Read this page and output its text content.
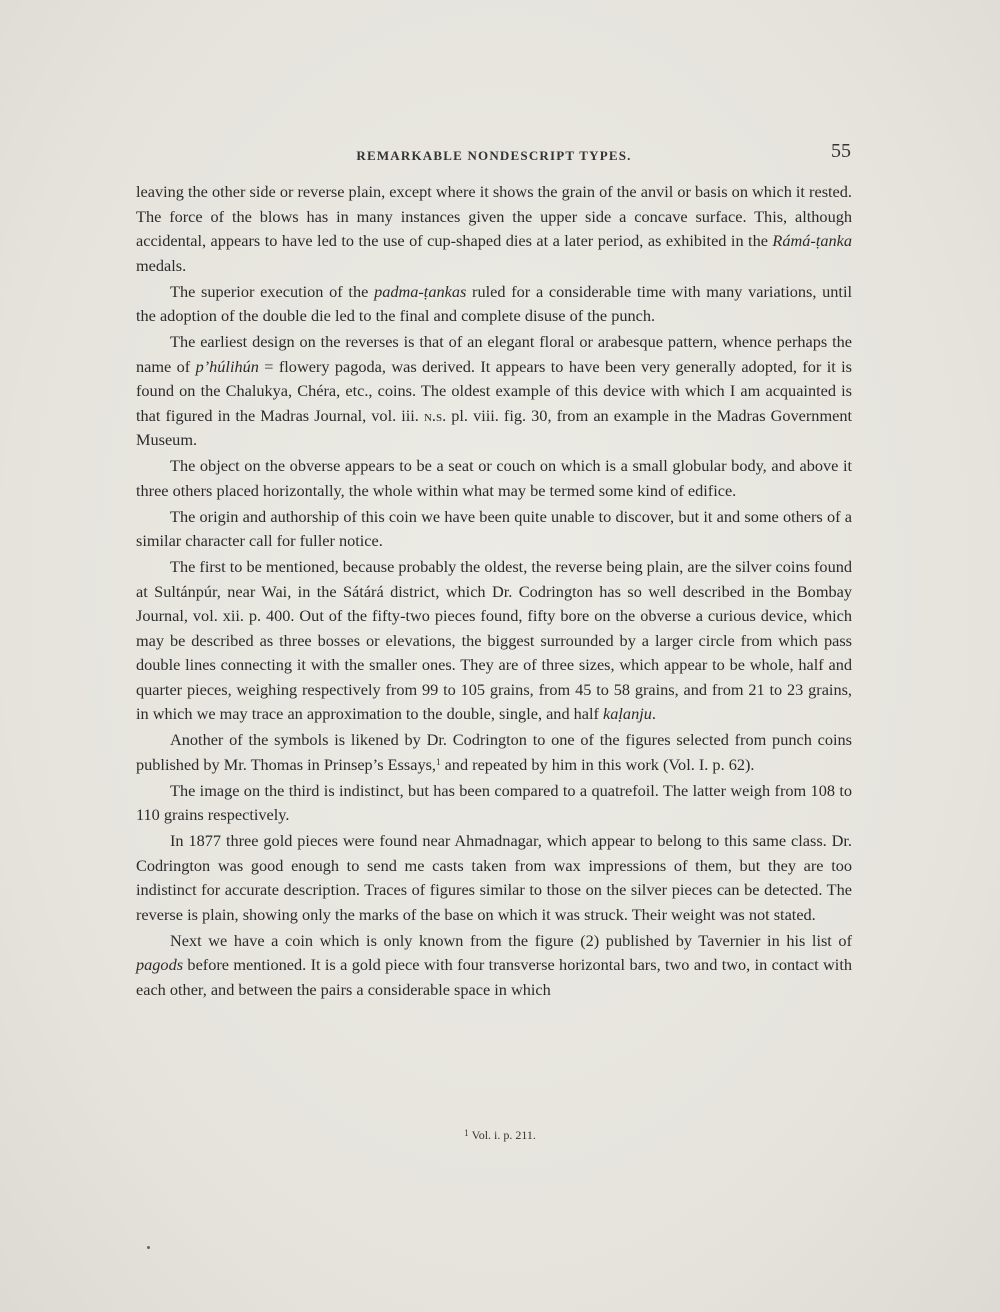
REMARKABLE NONDESCRIPT TYPES.	55

leaving the other side or reverse plain, except where it shows the grain of the anvil or basis on which it rested. The force of the blows has in many instances given the upper side a concave surface. This, although accidental, appears to have led to the use of cup-shaped dies at a later period, as exhibited in the Rámá-ṭanka medals.

The superior execution of the padma-ṭankas ruled for a considerable time with many variations, until the adoption of the double die led to the final and complete disuse of the punch.

The earliest design on the reverses is that of an elegant floral or arabesque pattern, whence perhaps the name of p’húlihún = flowery pagoda, was derived. It appears to have been very generally adopted, for it is found on the Chalukya, Chéra, etc., coins. The oldest example of this device with which I am acquainted is that figured in the Madras Journal, vol. iii. n.s. pl. viii. fig. 30, from an example in the Madras Government Museum.

The object on the obverse appears to be a seat or couch on which is a small globular body, and above it three others placed horizontally, the whole within what may be termed some kind of edifice.

The origin and authorship of this coin we have been quite unable to discover, but it and some others of a similar character call for fuller notice.

The first to be mentioned, because probably the oldest, the reverse being plain, are the silver coins found at Sultánpúr, near Wai, in the Sátárá district, which Dr. Codrington has so well described in the Bombay Journal, vol. xii. p. 400. Out of the fifty-two pieces found, fifty bore on the obverse a curious device, which may be described as three bosses or elevations, the biggest surrounded by a larger circle from which pass double lines connecting it with the smaller ones. They are of three sizes, which appear to be whole, half and quarter pieces, weighing respectively from 99 to 105 grains, from 45 to 58 grains, and from 21 to 23 grains, in which we may trace an approximation to the double, single, and half kaḷanju.

Another of the symbols is likened by Dr. Codrington to one of the figures selected from punch coins published by Mr. Thomas in Prinsep’s Essays,$^1$ and repeated by him in this work (Vol. I. p. 62).

The image on the third is indistinct, but has been compared to a quatrefoil. The latter weigh from 108 to 110 grains respectively.

In 1877 three gold pieces were found near Ahmadnagar, which appear to belong to this same class. Dr. Codrington was good enough to send me casts taken from wax impressions of them, but they are too indistinct for accurate description. Traces of figures similar to those on the silver pieces can be detected. The reverse is plain, showing only the marks of the base on which it was struck. Their weight was not stated.

Next we have a coin which is only known from the figure (2) published by Tavernier in his list of pagods before mentioned. It is a gold piece with four transverse horizontal bars, two and two, in contact with each other, and between the pairs a considerable space in which

$^1$ Vol. i. p. 211.
